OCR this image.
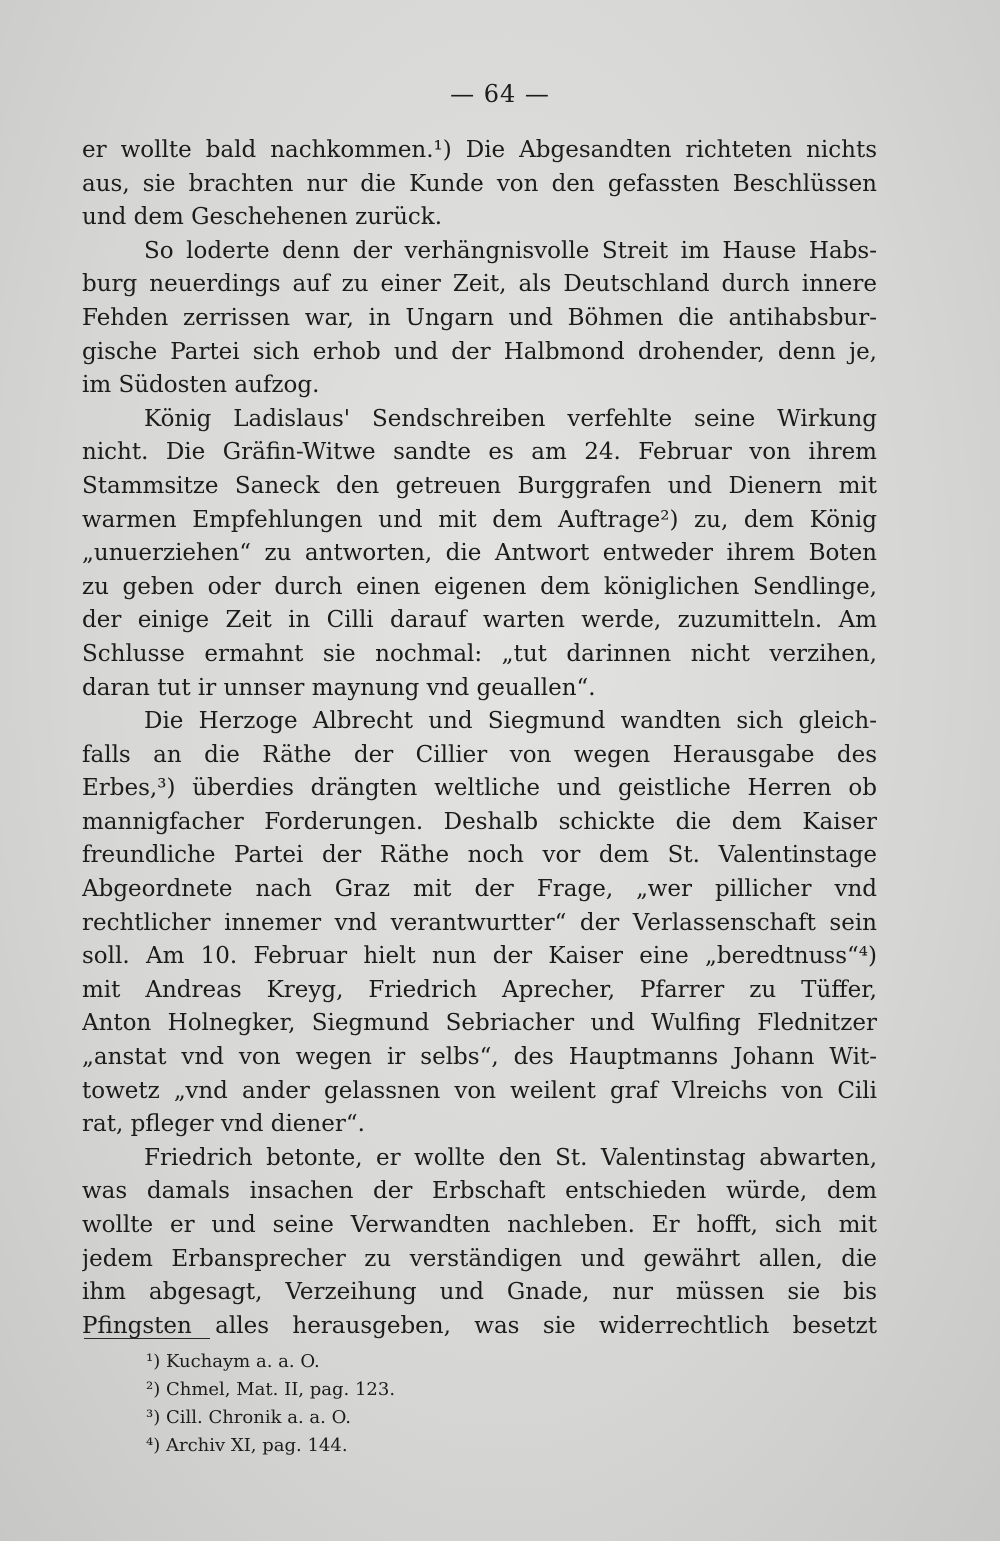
— 64 —
er wollte bald nachkommen.¹) Die Abgesandten richteten nichts
aus, sie brachten nur die Kunde von den gefassten Beschlüssen
und dem Geschehenen zurück.
So loderte denn der verhängnisvolle Streit im Hause Habs-
burg neuerdings auf zu einer Zeit, als Deutschland durch innere
Fehden zerrissen war, in Ungarn und Böhmen die antihabsbur-
gische Partei sich erhob und der Halbmond drohender, denn je,
im Südosten aufzog.
König Ladislaus' Sendschreiben verfehlte seine Wirkung
nicht. Die Gräfin-Witwe sandte es am 24. Februar von ihrem
Stammsitze Saneck den getreuen Burggrafen und Dienern mit
warmen Empfehlungen und mit dem Auftrage²) zu, dem König
„unuerziehen“ zu antworten, die Antwort entweder ihrem Boten
zu geben oder durch einen eigenen dem königlichen Sendlinge,
der einige Zeit in Cilli darauf warten werde, zuzumitteln. Am
Schlusse ermahnt sie nochmal: „tut darinnen nicht verzihen,
daran tut ir unnser maynung vnd geuallen“.
Die Herzoge Albrecht und Siegmund wandten sich gleich-
falls an die Räthe der Cillier von wegen Herausgabe des
Erbes,³) überdies drängten weltliche und geistliche Herren ob
mannigfacher Forderungen. Deshalb schickte die dem Kaiser
freundliche Partei der Räthe noch vor dem St. Valentinstage
Abgeordnete nach Graz mit der Frage, „wer pillicher vnd
rechtlicher innemer vnd verantwurtter“ der Verlassenschaft sein
soll. Am 10. Februar hielt nun der Kaiser eine „beredtnuss“⁴)
mit Andreas Kreyg, Friedrich Aprecher, Pfarrer zu Tüffer,
Anton Holnegker, Siegmund Sebriacher und Wulfing Flednitzer
„anstat vnd von wegen ir selbs“, des Hauptmanns Johann Wit-
towetz „vnd ander gelassnen von weilent graf Vlreichs von Cili
rat, pfleger vnd diener“.
Friedrich betonte, er wollte den St. Valentinstag abwarten,
was damals insachen der Erbschaft entschieden würde, dem
wollte er und seine Verwandten nachleben. Er hofft, sich mit
jedem Erbansprecher zu verständigen und gewährt allen, die
ihm abgesagt, Verzeihung und Gnade, nur müssen sie bis
Pfingsten alles herausgeben, was sie widerrechtlich besetzt
¹) Kuchaym a. a. O.
²) Chmel, Mat. II, pag. 123.
³) Cill. Chronik a. a. O.
⁴) Archiv XI, pag. 144.
